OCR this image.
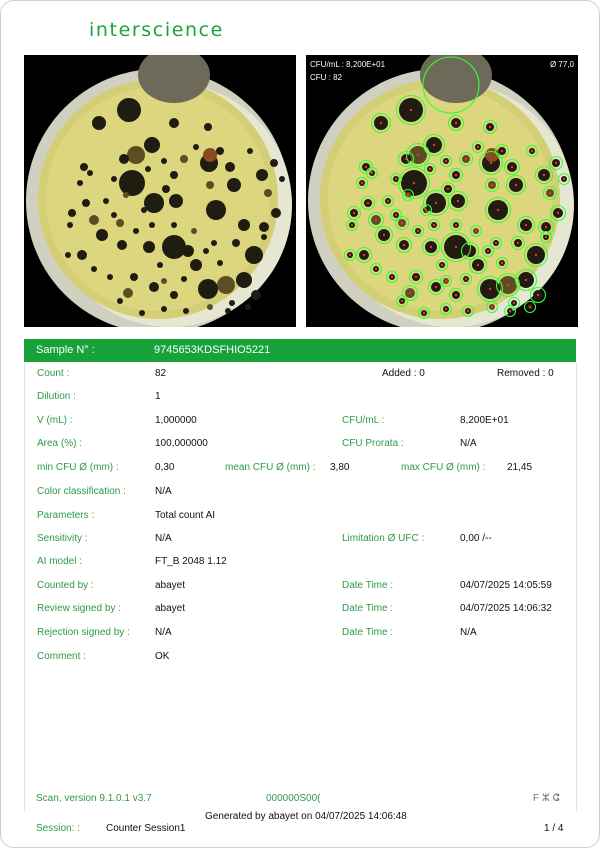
interscience
CFU/mL : 8,200E+01
CFU : 82
Ø 77,0
Sample N° :	9745653KDSFHIO5221
Count :	82	Added : 0	Removed : 0
Dilution :	1
V (mL) :	1,000000	CFU/mL :	8,200E+01
Area (%) :	100,000000	CFU Prorata :	N/A
min CFU Ø (mm) :	0,30	mean CFU Ø (mm) : 3,80	max CFU Ø (mm) : 21,45
Color classification :	N/A
Parameters :	Total count AI
Sensitivity :	N/A	Limitation Ø UFC :	0,00 /--
AI model :	FT_B 2048 1.12
Counted by :	abayet	Date Time :	04/07/2025 14:05:59
Review signed by :	abayet	Date Time :	04/07/2025 14:06:32
Rejection signed by :	N/A	Date Time :	N/A
Comment :	OK
Scan, version 9.1.0.1 v3.7	000000S00(	F ⵣ ⵛ
Generated by abayet on 04/07/2025 14:06:48
Session: :	Counter Session1	1 / 4
